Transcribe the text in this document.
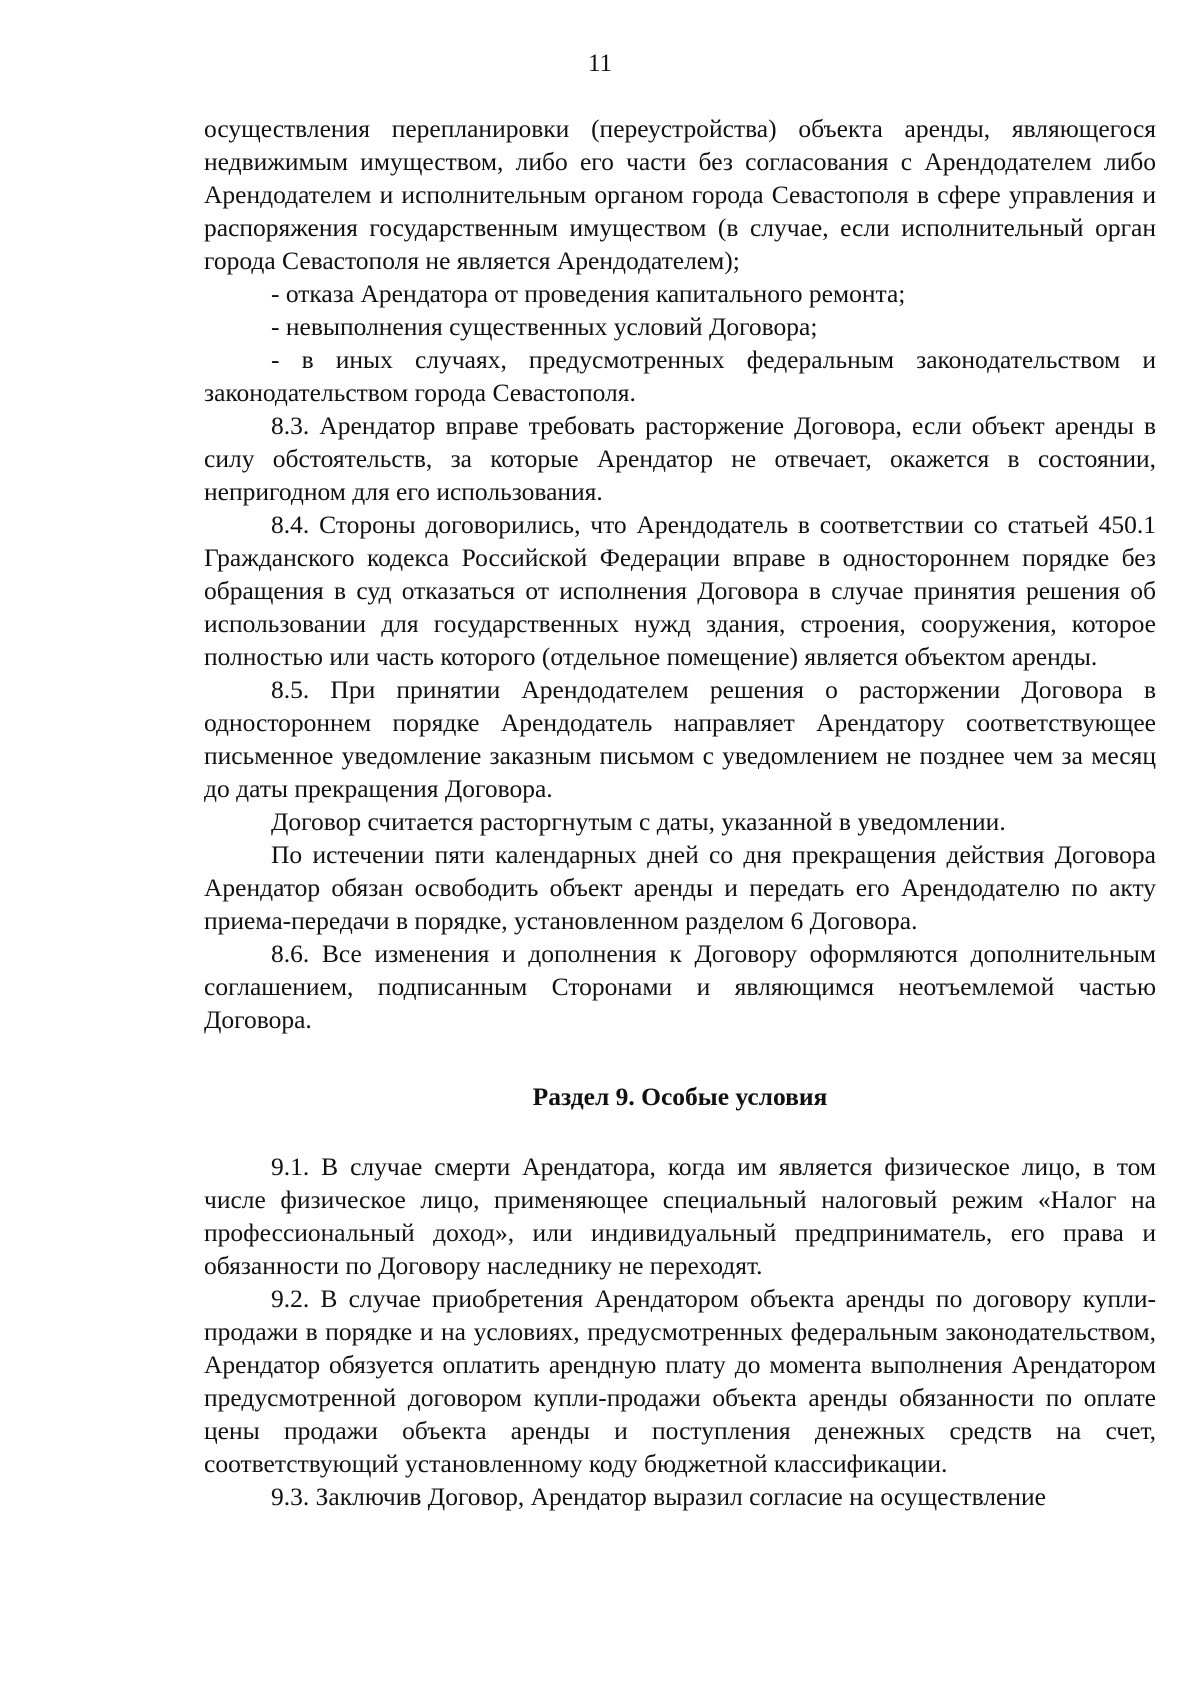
11

осуществления перепланировки (переустройства) объекта аренды, являющегося недвижимым имуществом, либо его части без согласования с Арендодателем либо Арендодателем и исполнительным органом города Севастополя в сфере управления и распоряжения государственным имуществом (в случае, если исполнительный орган города Севастополя не является Арендодателем);

- отказа Арендатора от проведения капитального ремонта;

- невыполнения существенных условий Договора;

- в иных случаях, предусмотренных федеральным законодательством и законодательством города Севастополя.

8.3. Арендатор вправе требовать расторжение Договора, если объект аренды в силу обстоятельств, за которые Арендатор не отвечает, окажется в состоянии, непригодном для его использования.

8.4. Стороны договорились, что Арендодатель в соответствии со статьей 450.1 Гражданского кодекса Российской Федерации вправе в одностороннем порядке без обращения в суд отказаться от исполнения Договора в случае принятия решения об использовании для государственных нужд здания, строения, сооружения, которое полностью или часть которого (отдельное помещение) является объектом аренды.

8.5. При принятии Арендодателем решения о расторжении Договора в одностороннем порядке Арендодатель направляет Арендатору соответствующее письменное уведомление заказным письмом с уведомлением не позднее чем за месяц до даты прекращения Договора.

Договор считается расторгнутым с даты, указанной в уведомлении.

По истечении пяти календарных дней со дня прекращения действия Договора Арендатор обязан освободить объект аренды и передать его Арендодателю по акту приема-передачи в порядке, установленном разделом 6 Договора.

8.6. Все изменения и дополнения к Договору оформляются дополнительным соглашением, подписанным Сторонами и являющимся неотъемлемой частью Договора.

Раздел 9. Особые условия

9.1. В случае смерти Арендатора, когда им является физическое лицо, в том числе физическое лицо, применяющее специальный налоговый режим «Налог на профессиональный доход», или индивидуальный предприниматель, его права и обязанности по Договору наследнику не переходят.

9.2. В случае приобретения Арендатором объекта аренды по договору купли-продажи в порядке и на условиях, предусмотренных федеральным законодательством, Арендатор обязуется оплатить арендную плату до момента выполнения Арендатором предусмотренной договором купли-продажи объекта аренды обязанности по оплате цены продажи объекта аренды и поступления денежных средств на счет, соответствующий установленному коду бюджетной классификации.

9.3. Заключив Договор, Арендатор выразил согласие на осуществление
